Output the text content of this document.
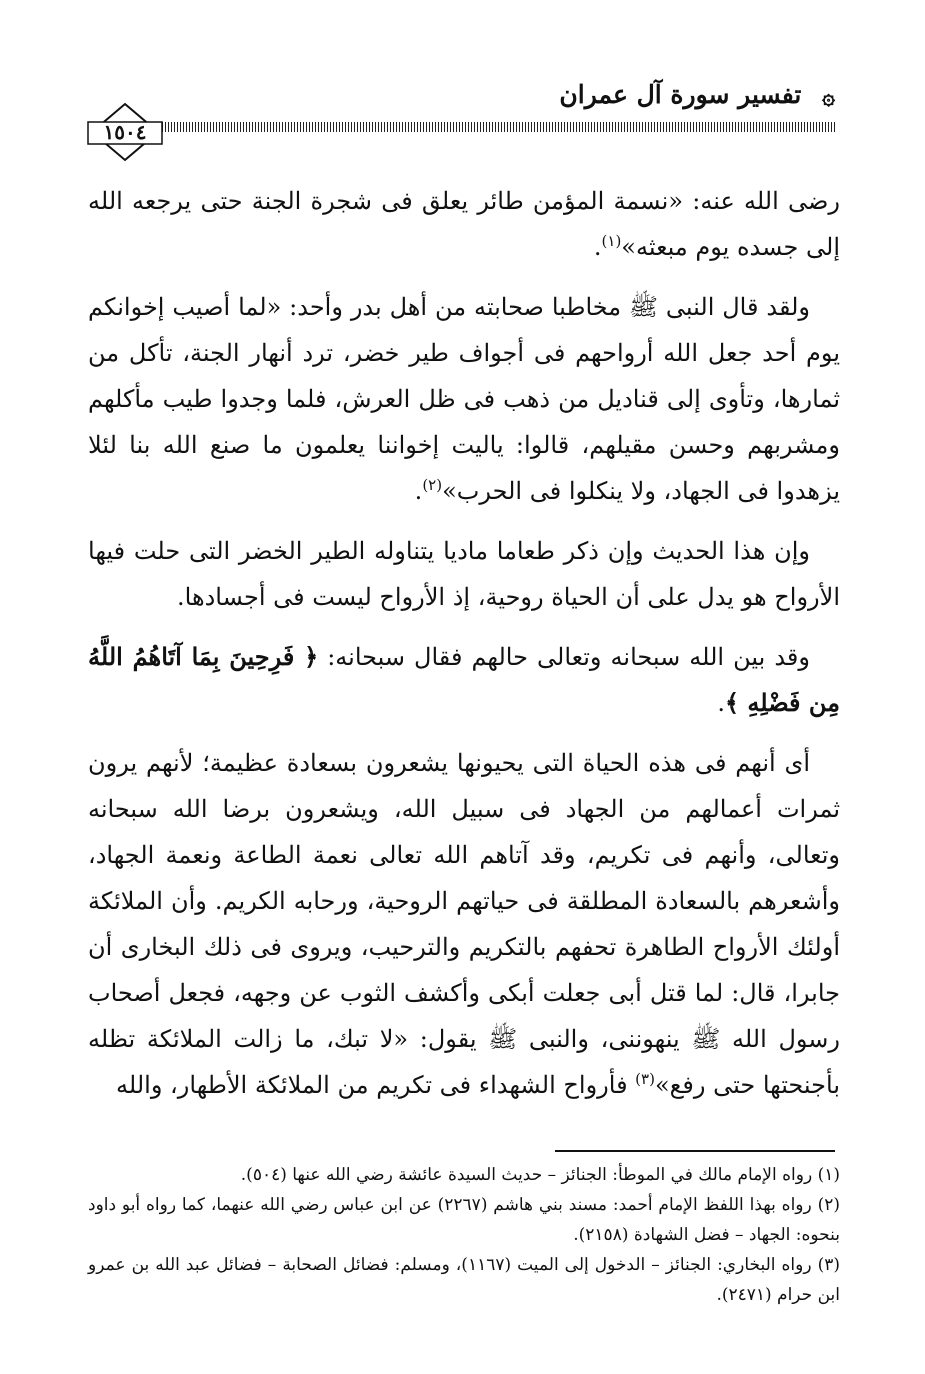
۞ تفسير سورة آل عمران
١٥٠٤

رضى الله عنه: «نسمة المؤمن طائر يعلق فى شجرة الجنة حتى يرجعه الله إلى جسده يوم مبعثه»$^{(١)}$.

ولقد قال النبى ﷺ مخاطبا صحابته من أهل بدر وأحد: «لما أصيب إخوانكم يوم أحد جعل الله أرواحهم فى أجواف طير خضر، ترد أنهار الجنة، تأكل من ثمارها، وتأوى إلى قناديل من ذهب فى ظل العرش، فلما وجدوا طيب مأكلهم ومشربهم وحسن مقيلهم، قالوا: ياليت إخواننا يعلمون ما صنع الله بنا لئلا يزهدوا فى الجهاد، ولا ينكلوا فى الحرب»$^{(٢)}$.

وإن هذا الحديث وإن ذكر طعاما ماديا يتناوله الطير الخضر التى حلت فيها الأرواح هو يدل على أن الحياة روحية، إذ الأرواح ليست فى أجسادها.

وقد بين الله سبحانه وتعالى حالهم فقال سبحانه: ﴿ فَرِحِينَ بِمَا آتَاهُمُ اللَّهُ مِن فَضْلِهِ ﴾.

أى أنهم فى هذه الحياة التى يحيونها يشعرون بسعادة عظيمة؛ لأنهم يرون ثمرات أعمالهم من الجهاد فى سبيل الله، ويشعرون برضا الله سبحانه وتعالى، وأنهم فى تكريم، وقد آتاهم الله تعالى نعمة الطاعة ونعمة الجهاد، وأشعرهم بالسعادة المطلقة فى حياتهم الروحية، ورحابه الكريم. وأن الملائكة أولئك الأرواح الطاهرة تحفهم بالتكريم والترحيب، ويروى فى ذلك البخارى أن جابرا، قال: لما قتل أبى جعلت أبكى وأكشف الثوب عن وجهه، فجعل أصحاب رسول الله ﷺ ينهوننى، والنبى ﷺ يقول: «لا تبك، ما زالت الملائكة تظله بأجنحتها حتى رفع»$^{(٣)}$ فأرواح الشهداء فى تكريم من الملائكة الأطهار، والله

(١) رواه الإمام مالك في الموطأ: الجنائز – حديث السيدة عائشة رضي الله عنها (٥٠٤).
(٢) رواه بهذا اللفظ الإمام أحمد: مسند بني هاشم (٢٢٦٧) عن ابن عباس رضي الله عنهما، كما رواه أبو داود بنحوه: الجهاد – فضل الشهادة (٢١٥٨).
(٣) رواه البخاري: الجنائز – الدخول إلى الميت (١١٦٧)، ومسلم: فضائل الصحابة – فضائل عبد الله بن عمرو ابن حرام (٢٤٧١).
